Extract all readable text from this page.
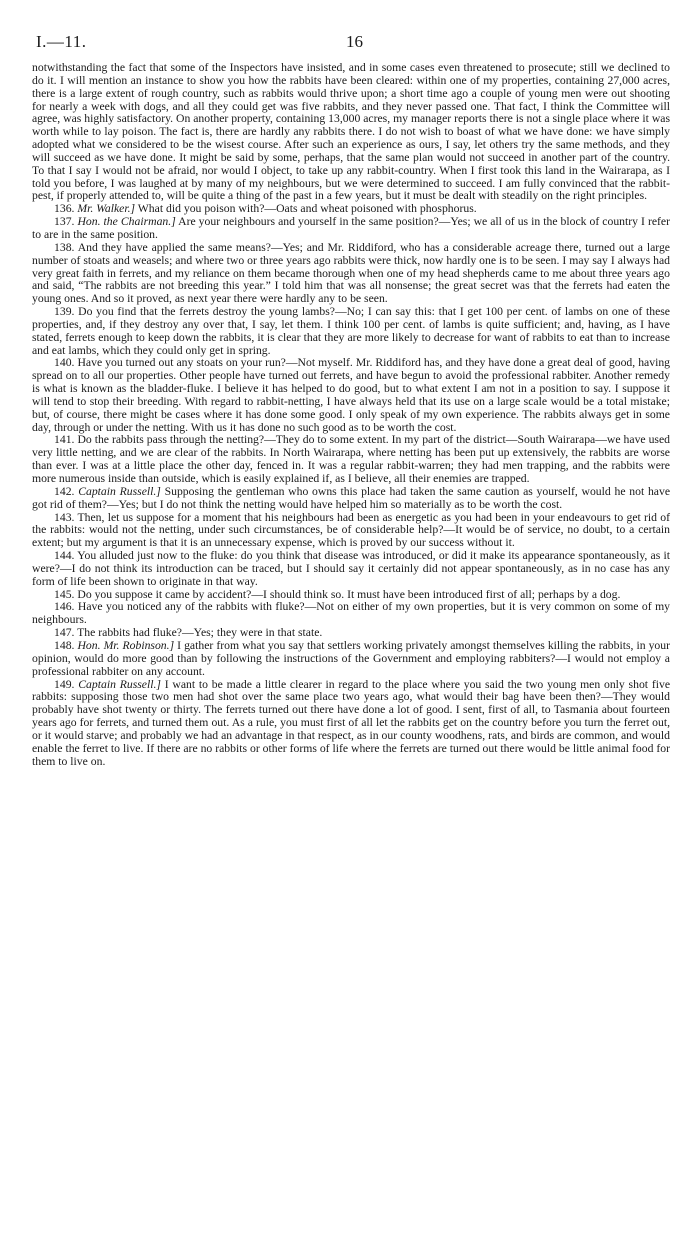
I.—11.	16

notwithstanding the fact that some of the Inspectors have insisted, and in some cases even threatened to prosecute; still we declined to do it. I will mention an instance to show you how the rabbits have been cleared: within one of my properties, containing 27,000 acres, there is a large extent of rough country, such as rabbits would thrive upon; a short time ago a couple of young men were out shooting for nearly a week with dogs, and all they could get was five rabbits, and they never passed one. That fact, I think the Committee will agree, was highly satisfactory. On another property, containing 13,000 acres, my manager reports there is not a single place where it was worth while to lay poison. The fact is, there are hardly any rabbits there. I do not wish to boast of what we have done: we have simply adopted what we considered to be the wisest course. After such an experience as ours, I say, let others try the same methods, and they will succeed as we have done. It might be said by some, perhaps, that the same plan would not succeed in another part of the country. To that I say I would not be afraid, nor would I object, to take up any rabbit-country. When I first took this land in the Wairarapa, as I told you before, I was laughed at by many of my neighbours, but we were determined to succeed. I am fully convinced that the rabbit-pest, if properly attended to, will be quite a thing of the past in a few years, but it must be dealt with steadily on the right principles.

136. Mr. Walker.] What did you poison with?—Oats and wheat poisoned with phosphorus.

137. Hon. the Chairman.] Are your neighbours and yourself in the same position?—Yes; we all of us in the block of country I refer to are in the same position.

138. And they have applied the same means?—Yes; and Mr. Riddiford, who has a considerable acreage there, turned out a large number of stoats and weasels; and where two or three years ago rabbits were thick, now hardly one is to be seen. I may say I always had very great faith in ferrets, and my reliance on them became thorough when one of my head shepherds came to me about three years ago and said, “The rabbits are not breeding this year.” I told him that was all nonsense; the great secret was that the ferrets had eaten the young ones. And so it proved, as next year there were hardly any to be seen.

139. Do you find that the ferrets destroy the young lambs?—No; I can say this: that I get 100 per cent. of lambs on one of these properties, and, if they destroy any over that, I say, let them. I think 100 per cent. of lambs is quite sufficient; and, having, as I have stated, ferrets enough to keep down the rabbits, it is clear that they are more likely to decrease for want of rabbits to eat than to increase and eat lambs, which they could only get in spring.

140. Have you turned out any stoats on your run?—Not myself. Mr. Riddiford has, and they have done a great deal of good, having spread on to all our properties. Other people have turned out ferrets, and have begun to avoid the professional rabbiter. Another remedy is what is known as the bladder-fluke. I believe it has helped to do good, but to what extent I am not in a position to say. I suppose it will tend to stop their breeding. With regard to rabbit-netting, I have always held that its use on a large scale would be a total mistake; but, of course, there might be cases where it has done some good. I only speak of my own experience. The rabbits always get in some day, through or under the netting. With us it has done no such good as to be worth the cost.

141. Do the rabbits pass through the netting?—They do to some extent. In my part of the district—South Wairarapa—we have used very little netting, and we are clear of the rabbits. In North Wairarapa, where netting has been put up extensively, the rabbits are worse than ever. I was at a little place the other day, fenced in. It was a regular rabbit-warren; they had men trapping, and the rabbits were more numerous inside than outside, which is easily explained if, as I believe, all their enemies are trapped.

142. Captain Russell.] Supposing the gentleman who owns this place had taken the same caution as yourself, would he not have got rid of them?—Yes; but I do not think the netting would have helped him so materially as to be worth the cost.

143. Then, let us suppose for a moment that his neighbours had been as energetic as you had been in your endeavours to get rid of the rabbits: would not the netting, under such circumstances, be of considerable help?—It would be of service, no doubt, to a certain extent; but my argument is that it is an unnecessary expense, which is proved by our success without it.

144. You alluded just now to the fluke: do you think that disease was introduced, or did it make its appearance spontaneously, as it were?—I do not think its introduction can be traced, but I should say it certainly did not appear spontaneously, as in no case has any form of life been shown to originate in that way.

145. Do you suppose it came by accident?—I should think so. It must have been introduced first of all; perhaps by a dog.

146. Have you noticed any of the rabbits with fluke?—Not on either of my own properties, but it is very common on some of my neighbours.

147. The rabbits had fluke?—Yes; they were in that state.

148. Hon. Mr. Robinson.] I gather from what you say that settlers working privately amongst themselves killing the rabbits, in your opinion, would do more good than by following the instructions of the Government and employing rabbiters?—I would not employ a professional rabbiter on any account.

149. Captain Russell.] I want to be made a little clearer in regard to the place where you said the two young men only shot five rabbits: supposing those two men had shot over the same place two years ago, what would their bag have been then?—They would probably have shot twenty or thirty. The ferrets turned out there have done a lot of good. I sent, first of all, to Tasmania about fourteen years ago for ferrets, and turned them out. As a rule, you must first of all let the rabbits get on the country before you turn the ferret out, or it would starve; and probably we had an advantage in that respect, as in our county woodhens, rats, and birds are common, and would enable the ferret to live. If there are no rabbits or other forms of life where the ferrets are turned out there would be little animal food for them to live on.
